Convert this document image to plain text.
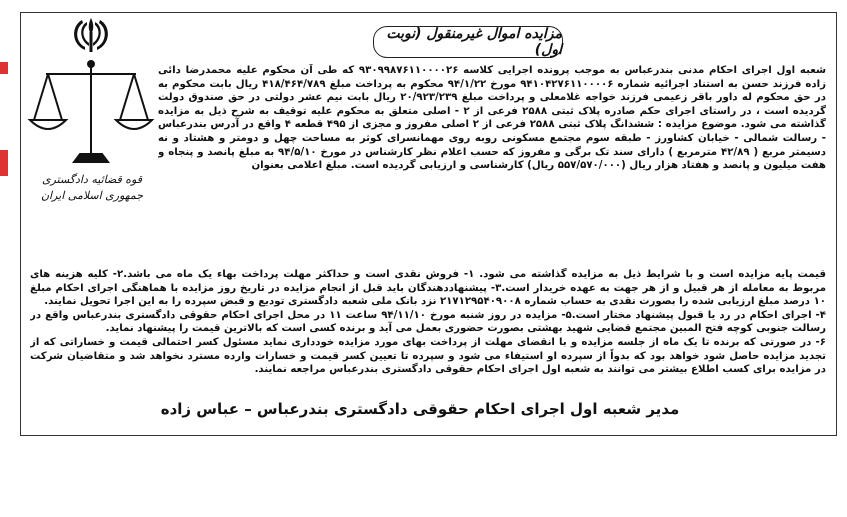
مزایده اموال غیرمنقول (نوبت اول)
قوه قضائیه دادگستری جمهوری اسلامی ایران

شعبه اول اجرای احکام مدنی بندرعباس به موجب پرونده اجرایی کلاسه ۹۳۰۹۹۸۷۶۱۱۰۰۰۰۲۶ که طی آن محکوم علیه محمدرضا دائی زاده فرزند حسن به استناد اجرائیه شماره ۹۴۱۰۴۲۷۶۱۱۰۰۰۰۶ مورخ ۹۴/۱/۲۲ محکوم به پرداخت مبلغ ۴۱۸/۴۶۴/۷۸۹ ریال بابت محکوم به در حق محکوم له داور باقر زعیمی فرزند خواجه غلامعلی و پرداخت مبلغ ۲۰/۹۲۳/۲۳۹ ریال بابت نیم عشر دولتی در حق صندوق دولت گردیده است ، در راستای اجرای حکم صادره پلاک ثبتی ۲۵۸۸ فرعی از ۲ - اصلی متعلق به محکوم علیه توقیف به شرح ذیل به مزایده گذاشته می شود. موضوع مزایده : ششدانگ پلاک ثبتی ۲۵۸۸ فرعی از ۲ اصلی مفروز و مجزی از ۴۹۵ قطعه ۴ واقع در آدرس بندرعباس - رسالت شمالی - خیابان کشاورز - طبقه سوم مجتمع مسکونی روبه روی مهمانسرای کوثر به مساحت چهل و دومتر و هشتاد و نه دسیمتر مربع ( ۴۲/۸۹ مترمربع ) دارای سند تک برگی و مفروز که حسب اعلام نظر کارشناس در مورخ ۹۴/۵/۱۰ به مبلغ پانصد و پنجاه و هفت میلیون و پانصد و هفتاد هزار ریال (۵۵۷/۵۷۰/۰۰۰ ریال) کارشناسی و ارزیابی گردیده است. مبلغ اعلامی بعنوان

قیمت پایه مزایده است و با شرایط ذیل به مزایده گذاشته می شود. ۱- فروش نقدی است و حداکثر مهلت پرداخت بهاء یک ماه می باشد.۲- کلیه هزینه های مربوط به معامله از هر قبیل و از هر جهت به عهده خریدار است.۳- پیشنهاددهندگان باید قبل از انجام مزایده در تاریخ روز مزایده با هماهنگی اجرای احکام مبلغ ۱۰ درصد مبلغ ارزیابی شده را بصورت نقدی به حساب شماره ۲۱۷۱۲۹۵۴۰۹۰۰۸ نزد بانک ملی شعبه دادگستری تودیع و قبض سپرده را به این اجرا تحویل نمایند.

۴- اجرای احکام در رد یا قبول پیشنهاد مختار است.۵- مزایده در روز شنبه مورخ ۹۴/۱۱/۱۰ ساعت ۱۱ در محل اجرای احکام حقوقی دادگستری بندرعباس واقع در رسالت جنوبی کوچه فتح المبین مجتمع قضایی شهید بهشتی بصورت حضوری بعمل می آید و برنده کسی است که بالاترین قیمت را پیشنهاد نماید.

۶- در صورتی که برنده تا یک ماه از جلسه مزایده و با انقضای مهلت از پرداخت بهای مورد مزایده خودداری نماید مسئول کسر احتمالی قیمت و خساراتی که از تجدید مزایده حاصل شود خواهد بود که بدواً از سپرده او استیفاء می شود و سپرده تا تعیین کسر قیمت و خسارات وارده مسترد نخواهد شد و متقاضیان شرکت در مزایده برای کسب اطلاع بیشتر می توانند به شعبه اول اجرای احکام حقوقی دادگستری بندرعباس مراجعه نمایند.

مدیر شعبه اول اجرای احکام حقوقی دادگستری بندرعباس – عباس زاده
